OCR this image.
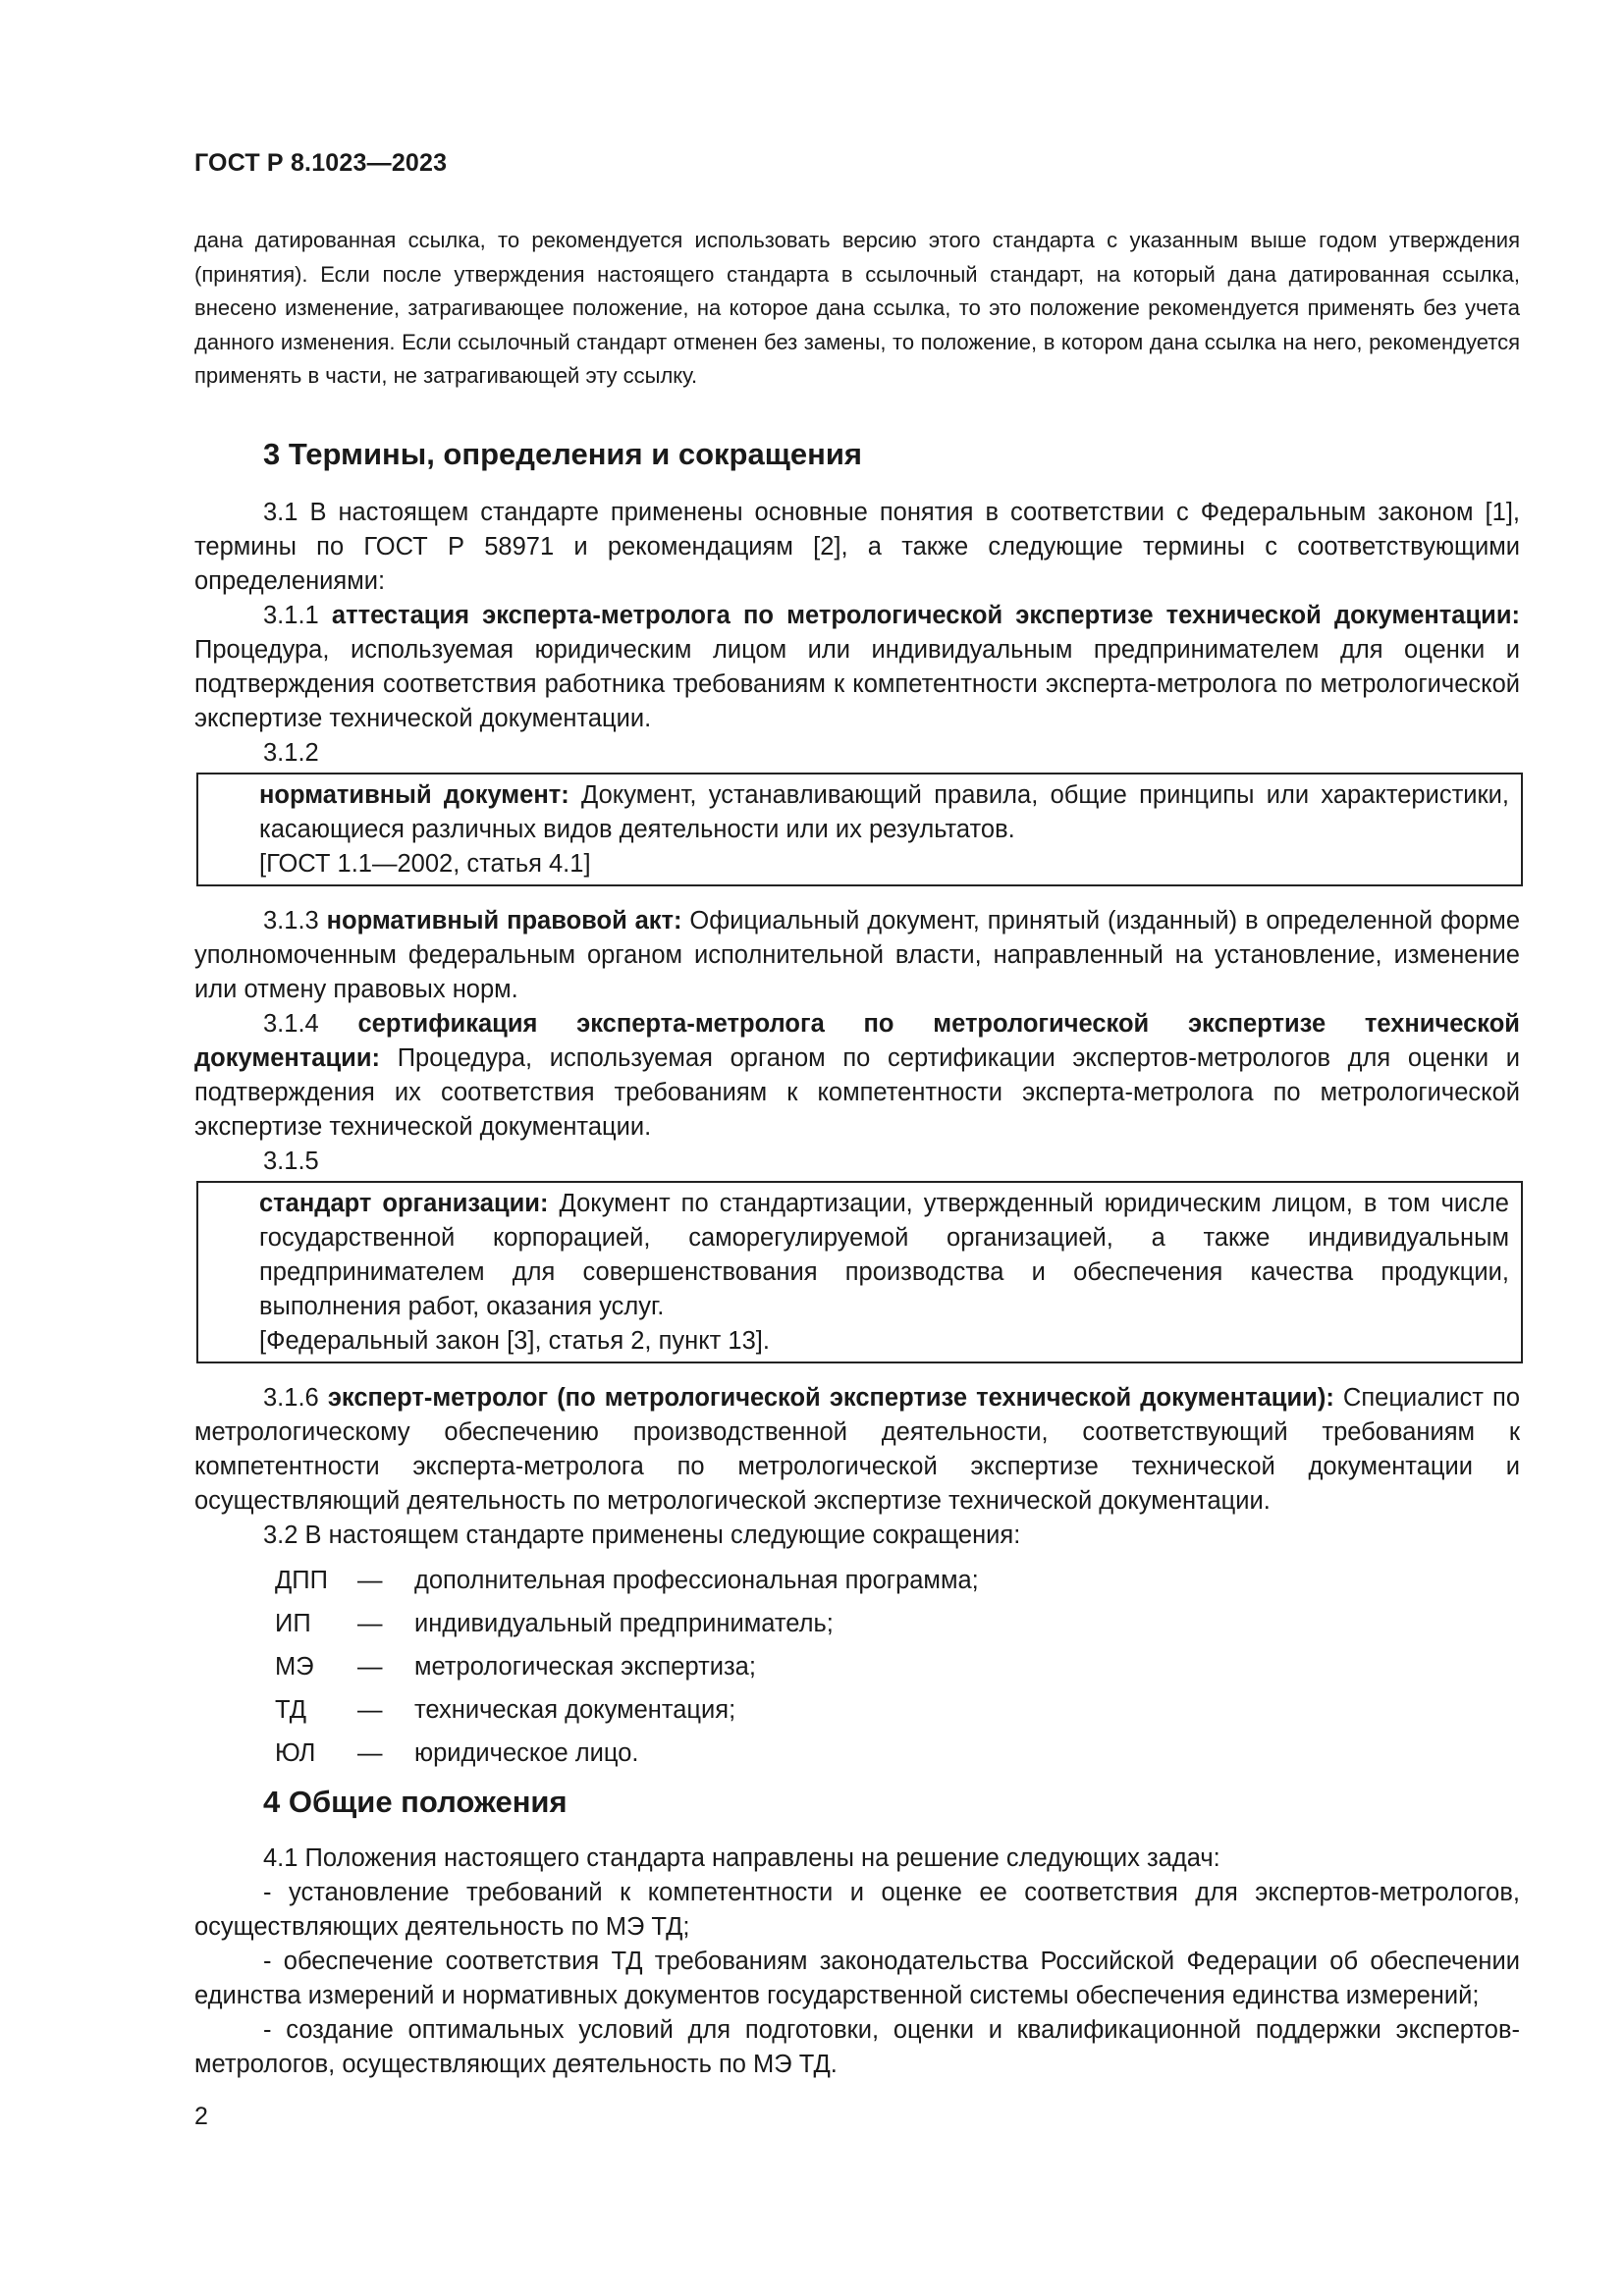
ГОСТ Р 8.1023—2023

дана датированная ссылка, то рекомендуется использовать версию этого стандарта с указанным выше годом утверждения (принятия). Если после утверждения настоящего стандарта в ссылочный стандарт, на который дана датированная ссылка, внесено изменение, затрагивающее положение, на которое дана ссылка, то это положение рекомендуется применять без учета данного изменения. Если ссылочный стандарт отменен без замены, то положение, в котором дана ссылка на него, рекомендуется применять в части, не затрагивающей эту ссылку.

3 Термины, определения и сокращения

3.1 В настоящем стандарте применены основные понятия в соответствии с Федеральным законом [1], термины по ГОСТ Р 58971 и рекомендациям [2], а также следующие термины с соответствующими определениями:

3.1.1 аттестация эксперта-метролога по метрологической экспертизе технической документации: Процедура, используемая юридическим лицом или индивидуальным предпринимателем для оценки и подтверждения соответствия работника требованиям к компетентности эксперта-метролога по метрологической экспертизе технической документации.

3.1.2

нормативный документ: Документ, устанавливающий правила, общие принципы или характеристики, касающиеся различных видов деятельности или их результатов.

[ГОСТ 1.1—2002, статья 4.1]

3.1.3 нормативный правовой акт: Официальный документ, принятый (изданный) в определенной форме уполномоченным федеральным органом исполнительной власти, направленный на установление, изменение или отмену правовых норм.

3.1.4 сертификация эксперта-метролога по метрологической экспертизе технической документации: Процедура, используемая органом по сертификации экспертов-метрологов для оценки и подтверждения их соответствия требованиям к компетентности эксперта-метролога по метрологической экспертизе технической документации.

3.1.5

стандарт организации: Документ по стандартизации, утвержденный юридическим лицом, в том числе государственной корпорацией, саморегулируемой организацией, а также индивидуальным предпринимателем для совершенствования производства и обеспечения качества продукции, выполнения работ, оказания услуг.

[Федеральный закон [3], статья 2, пункт 13].

3.1.6 эксперт-метролог (по метрологической экспертизе технической документации): Специалист по метрологическому обеспечению производственной деятельности, соответствующий требованиям к компетентности эксперта-метролога по метрологической экспертизе технической документации и осуществляющий деятельность по метрологической экспертизе технической документации.

3.2 В настоящем стандарте применены следующие сокращения:

ДПП	—	дополнительная профессиональная программа;
ИП	—	индивидуальный предприниматель;
МЭ	—	метрологическая экспертиза;
ТД	—	техническая документация;
ЮЛ	—	юридическое лицо.
4 Общие положения

4.1 Положения настоящего стандарта направлены на решение следующих задач:

- установление требований к компетентности и оценке ее соответствия для экспертов-метрологов, осуществляющих деятельность по МЭ ТД;

- обеспечение соответствия ТД требованиям законодательства Российской Федерации об обеспечении единства измерений и нормативных документов государственной системы обеспечения единства измерений;

- создание оптимальных условий для подготовки, оценки и квалификационной поддержки экспертов-метрологов, осуществляющих деятельность по МЭ ТД.

2
